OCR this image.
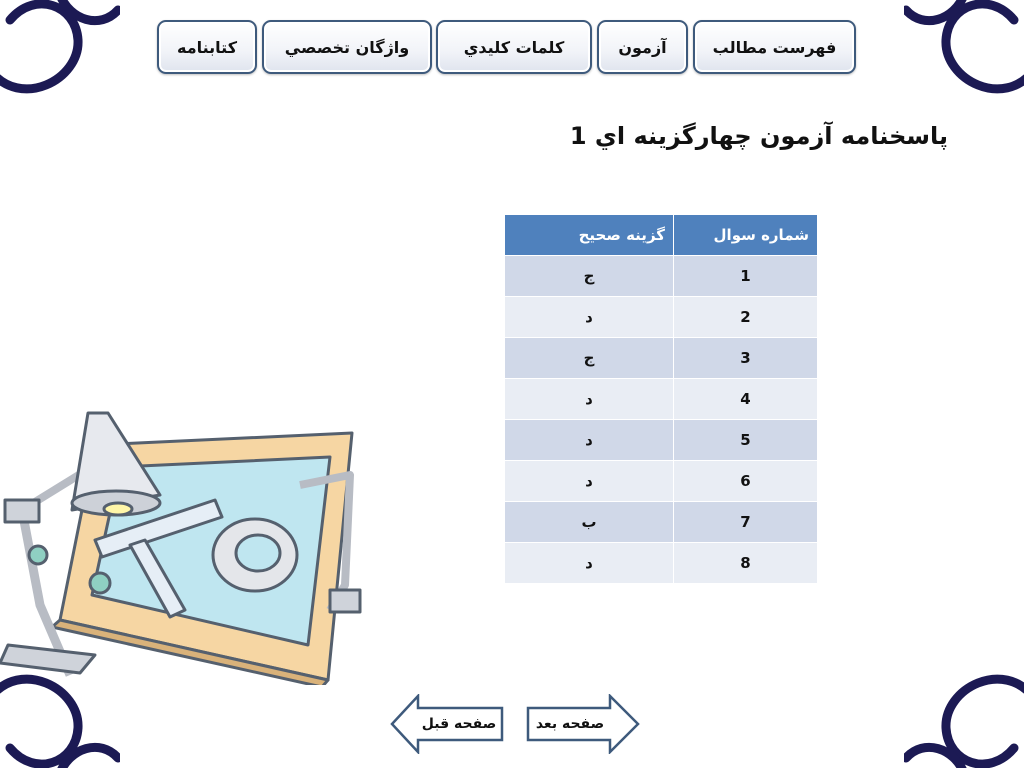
فهرست مطالب
آزمون
كلمات كليدي
واژگان تخصصي
كتابنامه
پاسخنامه آزمون چهارگزينه اي 1
شماره سوال	گزينه صحيح
1	ج
2	د
3	ج
4	د
5	د
6	د
7	ب
8	د
صفحه قبل	صفحه بعد
